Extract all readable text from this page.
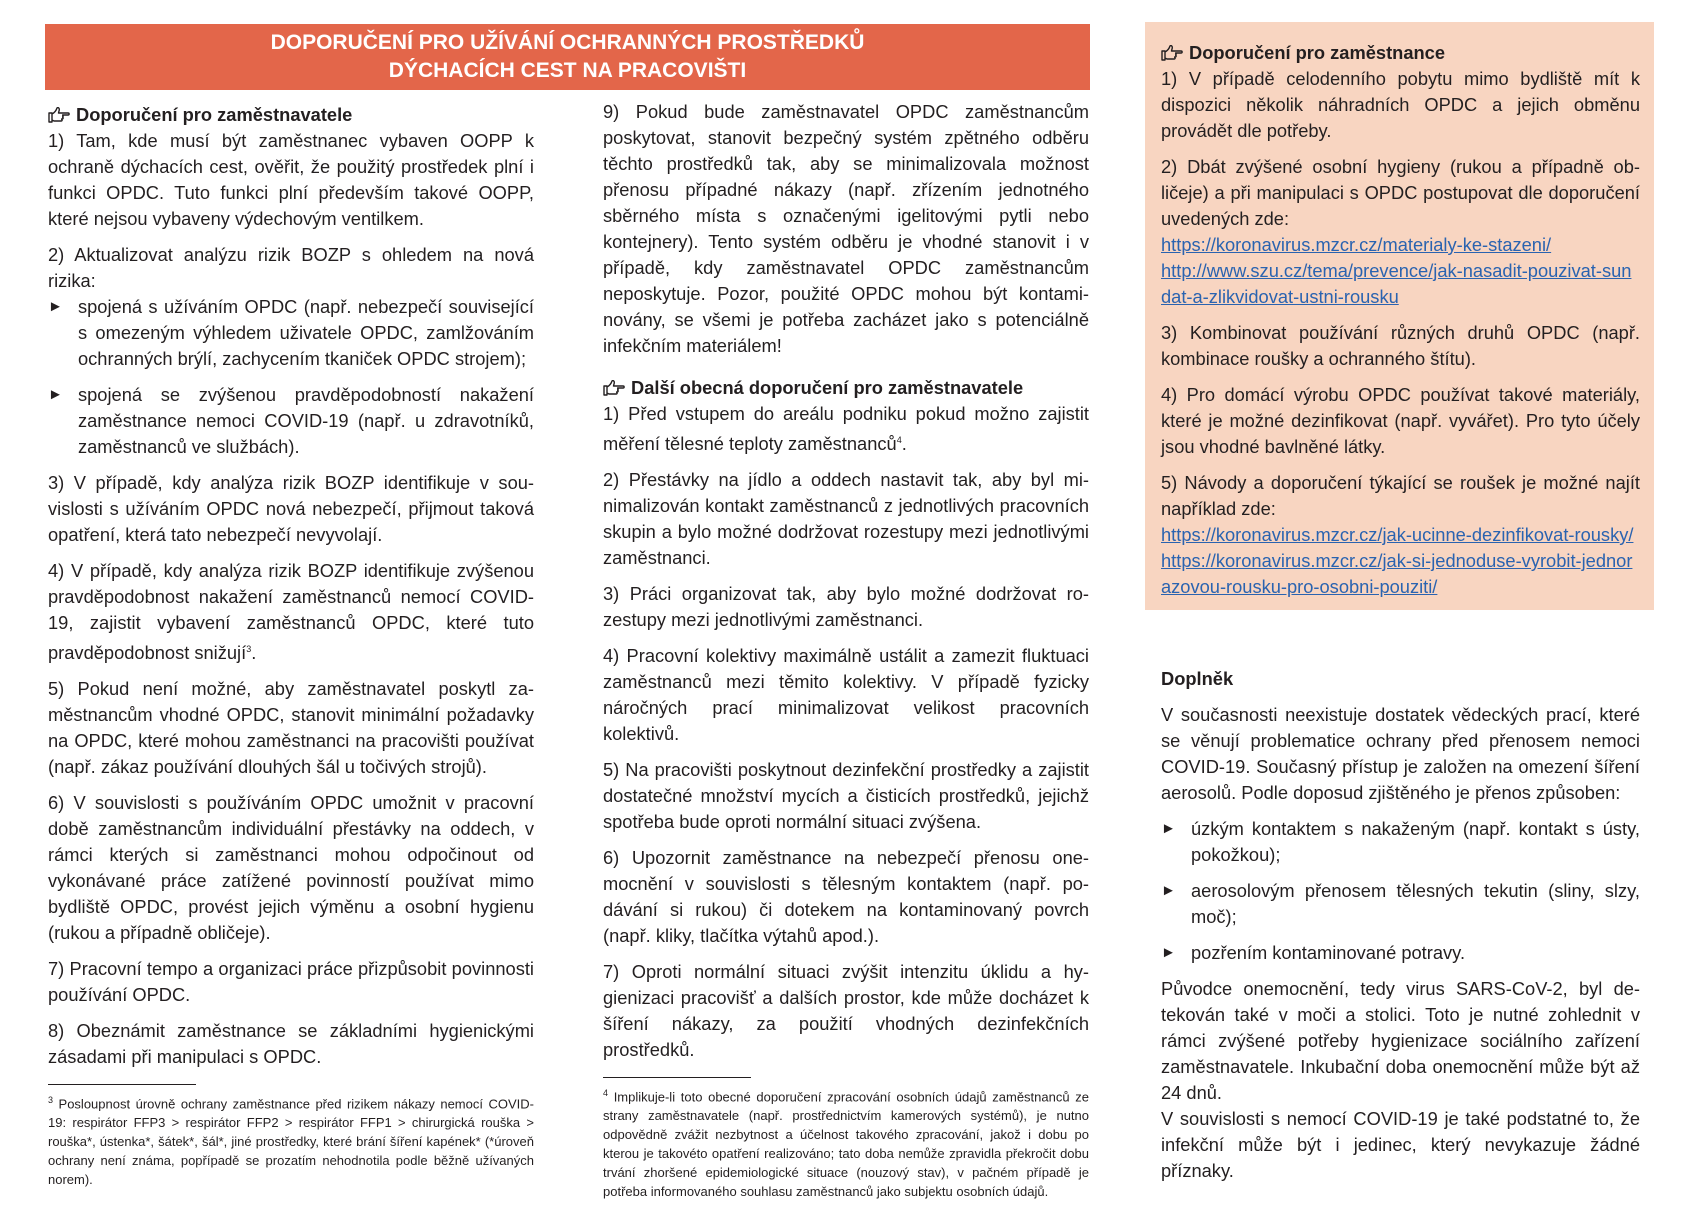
DOPORUČENÍ PRO UŽÍVÁNÍ OCHRANNÝCH PROSTŘEDKŮ
DÝCHACÍCH CEST NA PRACOVIŠTI
Doporučení pro zaměstnavatele

1) Tam, kde musí být zaměstnanec vybaven OOPP k ochraně dýchacích cest, ověřit, že použitý prostředek plní i funkci OPDC. Tuto funkci plní především takové OOPP, které nejsou vybaveny výdechovým ventilkem.

2) Aktualizovat analýzu rizik BOZP s ohledem na nová rizika:

► spojená s užíváním OPDC (např. nebezpečí související s omezeným výhledem uživatele OPDC, zamlžováním ochranných brýlí, zachycením tkaniček OPDC strojem);
► spojená se zvýšenou pravděpodobností nakažení zaměstnance nemoci COVID-19 (např. u zdravotníků, zaměstnanců ve službách).

3) V případě, kdy analýza rizik BOZP identifikuje v souvislosti s užíváním OPDC nová nebezpečí, přijmout taková opatření, která tato nebezpečí nevyvolají.

4) V případě, kdy analýza rizik BOZP identifikuje zvýšenou pravděpodobnost nakažení zaměstnanců nemocí COVID-19, zajistit vybavení zaměstnanců OPDC, které tuto pravděpodobnost snižují$^3$.

5) Pokud není možné, aby zaměstnavatel poskytl zaměstnancům vhodné OPDC, stanovit minimální požadavky na OPDC, které mohou zaměstnanci na pracovišti používat (např. zákaz používání dlouhých šál u točivých strojů).

6) V souvislosti s používáním OPDC umožnit v pracovní době zaměstnancům individuální přestávky na oddech, v rámci kterých si zaměstnanci mohou odpočinout od vykonávané práce zatížené povinností používat mimo bydliště OPDC, provést jejich výměnu a osobní hygienu (rukou a případně obličeje).

7) Pracovní tempo a organizaci práce přizpůsobit povinnosti používání OPDC.

8) Obeznámit zaměstnance se základními hygienickými zásadami při manipulaci s OPDC.

$^3$ Posloupnost úrovně ochrany zaměstnance před rizikem nákazy nemocí COVID-19: respirátor FFP3 > respirátor FFP2 > respirátor FFP1 > chirurgická rouška > rouška*, ústenka*, šátek*, šál*, jiné prostředky, které brání šíření kapének* (*úroveň ochrany není známa, popřípadě se prozatím nehodnotila podle běžně užívaných norem).

9) Pokud bude zaměstnavatel OPDC zaměstnancům poskytovat, stanovit bezpečný systém zpětného odběru těchto prostředků tak, aby se minimalizovala možnost přenosu případné nákazy (např. zřízením jednotného sběrného místa s označenými igelitovými pytli nebo kontejnery). Tento systém odběru je vhodné stanovit i v případě, kdy zaměstnavatel OPDC zaměstnancům neposkytuje. Pozor, použité OPDC mohou být kontaminovány, se všemi je potřeba zacházet jako s potenciálně infekčním materiálem!

Další obecná doporučení pro zaměstnavatele

1) Před vstupem do areálu podniku pokud možno zajistit měření tělesné teploty zaměstnanců$^4$.

2) Přestávky na jídlo a oddech nastavit tak, aby byl minimalizován kontakt zaměstnanců z jednotlivých pracovních skupin a bylo možné dodržovat rozestupy mezi jednotlivými zaměstnanci.

3) Práci organizovat tak, aby bylo možné dodržovat rozestupy mezi jednotlivými zaměstnanci.

4) Pracovní kolektivy maximálně ustálit a zamezit fluktuaci zaměstnanců mezi těmito kolektivy. V případě fyzicky náročných prací minimalizovat velikost pracovních kolektivů.

5) Na pracovišti poskytnout dezinfekční prostředky a zajistit dostatečné množství mycích a čisticích prostředků, jejichž spotřeba bude oproti normální situaci zvýšena.

6) Upozornit zaměstnance na nebezpečí přenosu onemocnění v souvislosti s tělesným kontaktem (např. podávání si rukou) či dotekem na kontaminovaný povrch (např. kliky, tlačítka výtahů apod.).

7) Oproti normální situaci zvýšit intenzitu úklidu a hygienizaci pracovišť a dalších prostor, kde může docházet k šíření nákazy, za použití vhodných dezinfekčních prostředků.

$^4$ Implikuje-li toto obecné doporučení zpracování osobních údajů zaměstnanců ze strany zaměstnavatele (např. prostřednictvím kamerových systémů), je nutno odpovědně zvážit nezbytnost a účelnost takového zpracování, jakož i dobu po kterou je takovéto opatření realizováno; tato doba nemůže zpravidla překročit dobu trvání zhoršené epidemiologické situace (nouzový stav), v pačném případě je potřeba informovaného souhlasu zaměstnanců jako subjektu osobních údajů.

Doporučení pro zaměstnance

1) V případě celodenního pobytu mimo bydliště mít k dispozici několik náhradních OPDC a jejich obměnu provádět dle potřeby.

2) Dbát zvýšené osobní hygieny (rukou a případně obličeje) a při manipulaci s OPDC postupovat dle doporučení uvedených zde:

https://koronavirus.mzcr.cz/materialy-ke-stazeni/
http://www.szu.cz/tema/prevence/jak-nasadit-pouzivat-sundat-a-zlikvidovat-ustni-rousku

3) Kombinovat používání různých druhů OPDC (např. kombinace roušky a ochranného štítu).

4) Pro domácí výrobu OPDC používat takové materiály, které je možné dezinfikovat (např. vyvářet). Pro tyto účely jsou vhodné bavlněné látky.

5) Návody a doporučení týkající se roušek je možné najít například zde:

https://koronavirus.mzcr.cz/jak-ucinne-dezinfikovat-rousky/
https://koronavirus.mzcr.cz/jak-si-jednoduse-vyrobit-jednorazovou-rousku-pro-osobni-pouziti/

Doplněk

V současnosti neexistuje dostatek vědeckých prací, které se věnují problematice ochrany před přenosem nemoci COVID-19. Současný přístup je založen na omezení šíření aerosolů. Podle doposud zjištěného je přenos způsoben:

► úzkým kontaktem s nakaženým (např. kontakt s ústy, pokožkou);
► aerosolovým přenosem tělesných tekutin (sliny, slzy, moč);
► pozřením kontaminované potravy.

Původce onemocnění, tedy virus SARS-CoV-2, byl detekován také v moči a stolici. Toto je nutné zohlednit v rámci zvýšené potřeby hygienizace sociálního zařízení zaměstnavatele. Inkubační doba onemocnění může být až 24 dnů.

V souvislosti s nemocí COVID-19 je také podstatné to, že infekční může být i jedinec, který nevykazuje žádné příznaky.
